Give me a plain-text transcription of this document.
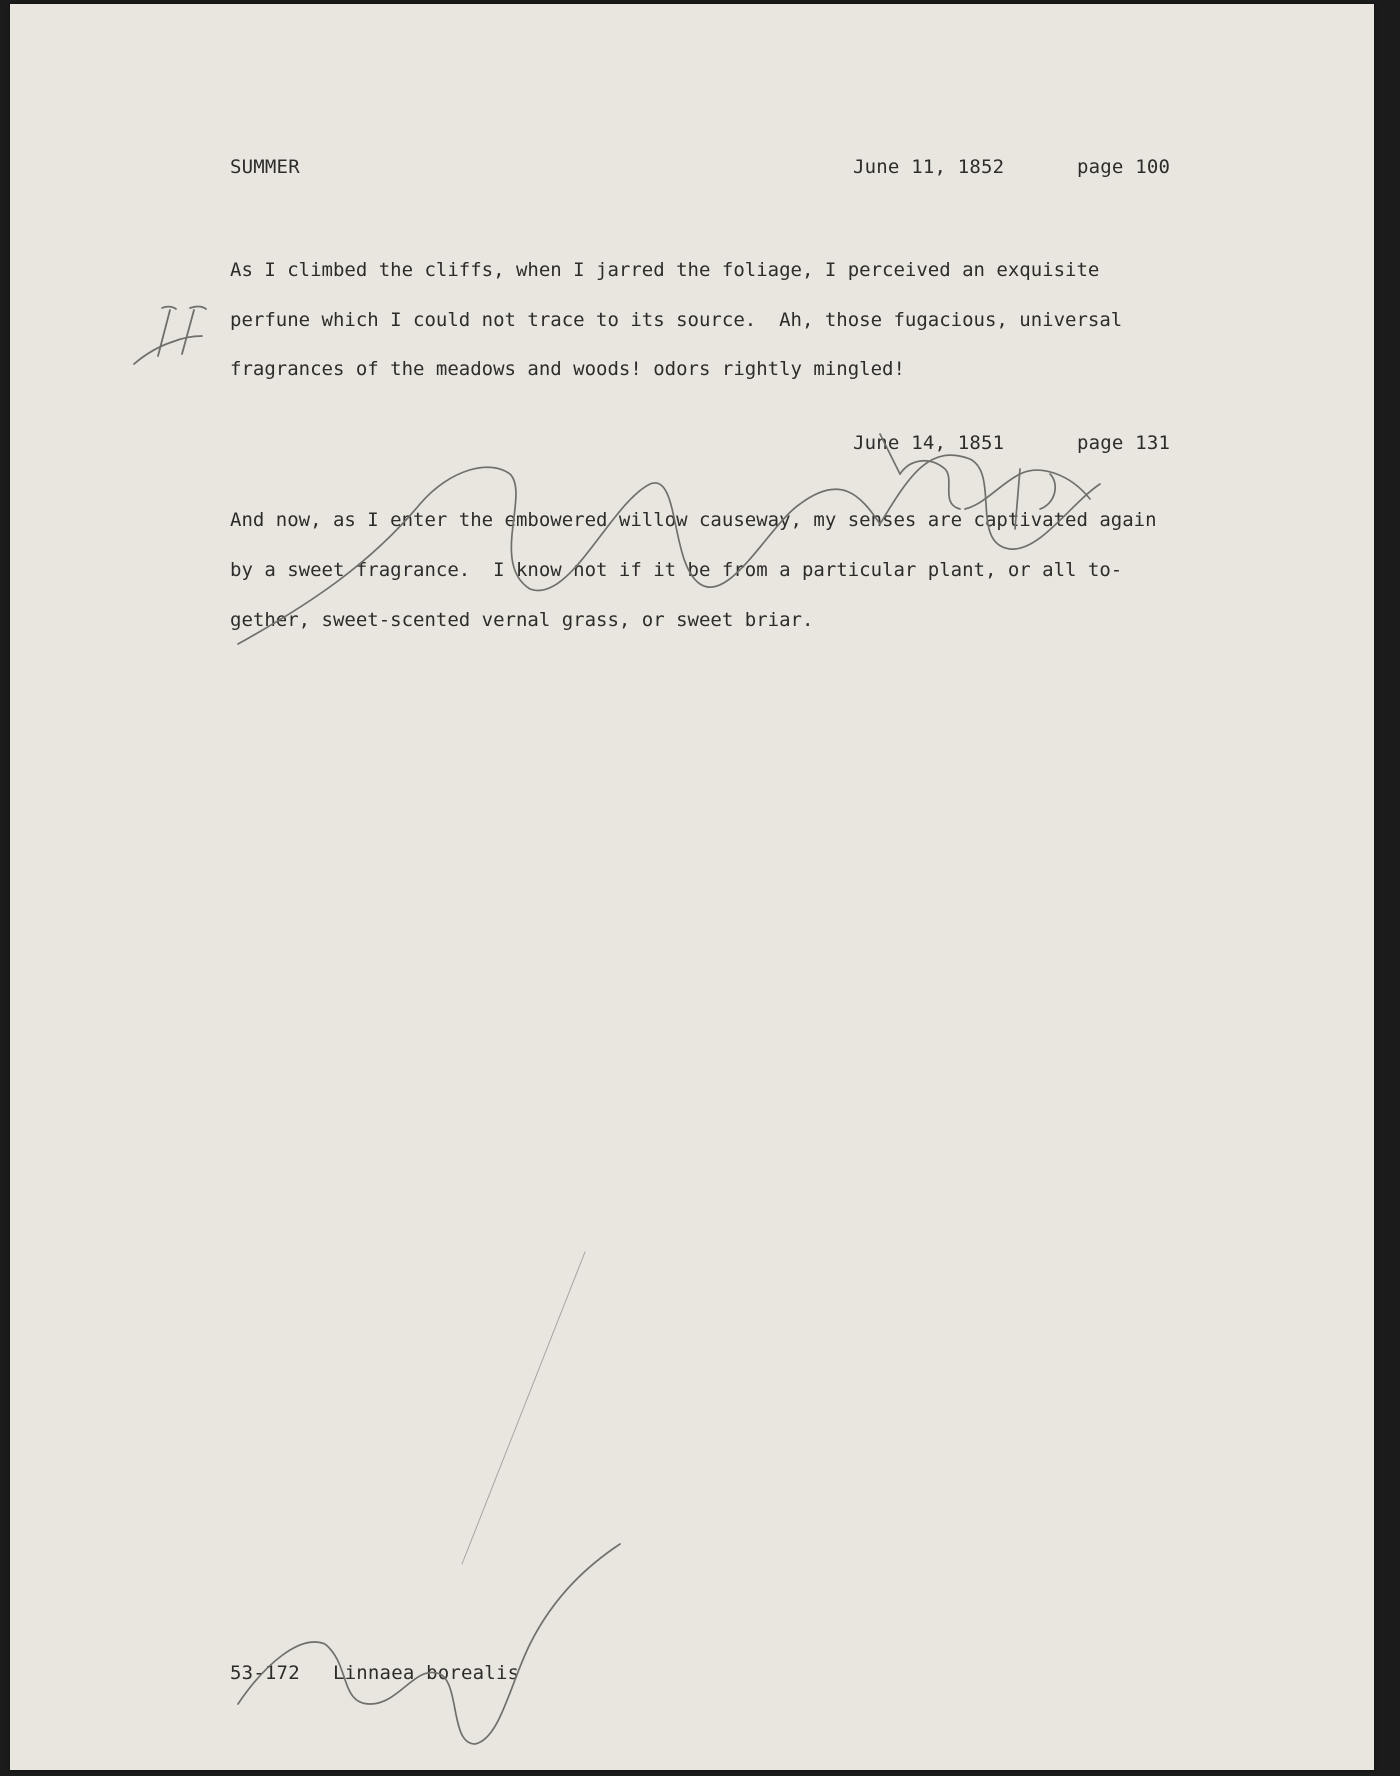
SUMMER	June 11, 1852	page 100
As I climbed the cliffs, when I jarred the foliage, I perceived an exquisite
perfune which I could not trace to its source.  Ah, those fugacious, universal
fragrances of the meadows and woods! odors rightly mingled!
June 14, 1851	page 131
And now, as I enter the embowered willow causeway, my senses are captivated again
by a sweet fragrance.  I know not if it be from a particular plant, or all to-
gether, sweet-scented vernal grass, or sweet briar.
53-172 Linnaea borealis
